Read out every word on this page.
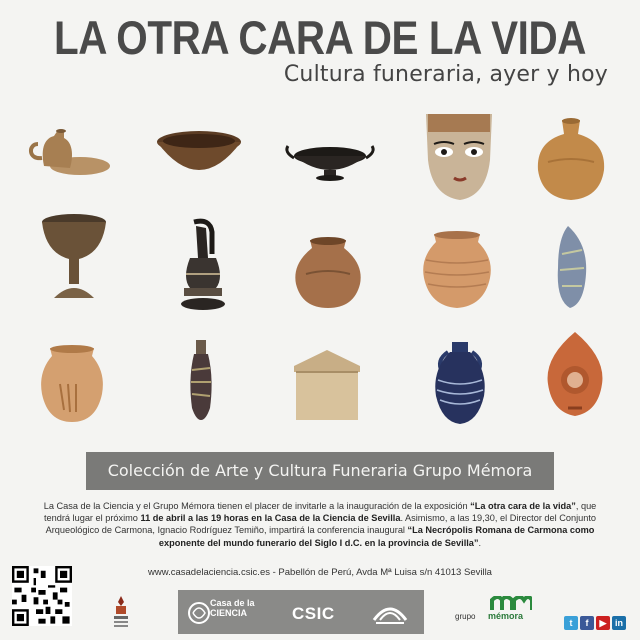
LA OTRA CARA DE LA VIDA
Cultura funeraria, ayer y hoy
Colección de Arte y Cultura Funeraria Grupo Mémora
La Casa de la Ciencia y el Grupo Mémora tienen el placer de invitarle a la inauguración de la exposición “La otra cara de la vida”, que tendrá lugar el próximo 11 de abril a las 19 horas en la Casa de la Ciencia de Sevilla. Asimismo, a las 19,30, el Director del Conjunto Arqueológico de Carmona, Ignacio Rodríguez Temiño, impartirá la conferencia inaugural “La Necrópolis Romana de Carmona como exponente del mundo funerario del Siglo I d.C. en la provincia de Sevilla”.
www.casadelaciencia.csic.es - Pabellón de Perú, Avda Mª Luisa s/n 41013 Sevilla
Casa de la
CIENCIA	CSIC	grupo mémora
t	f	▶ in
